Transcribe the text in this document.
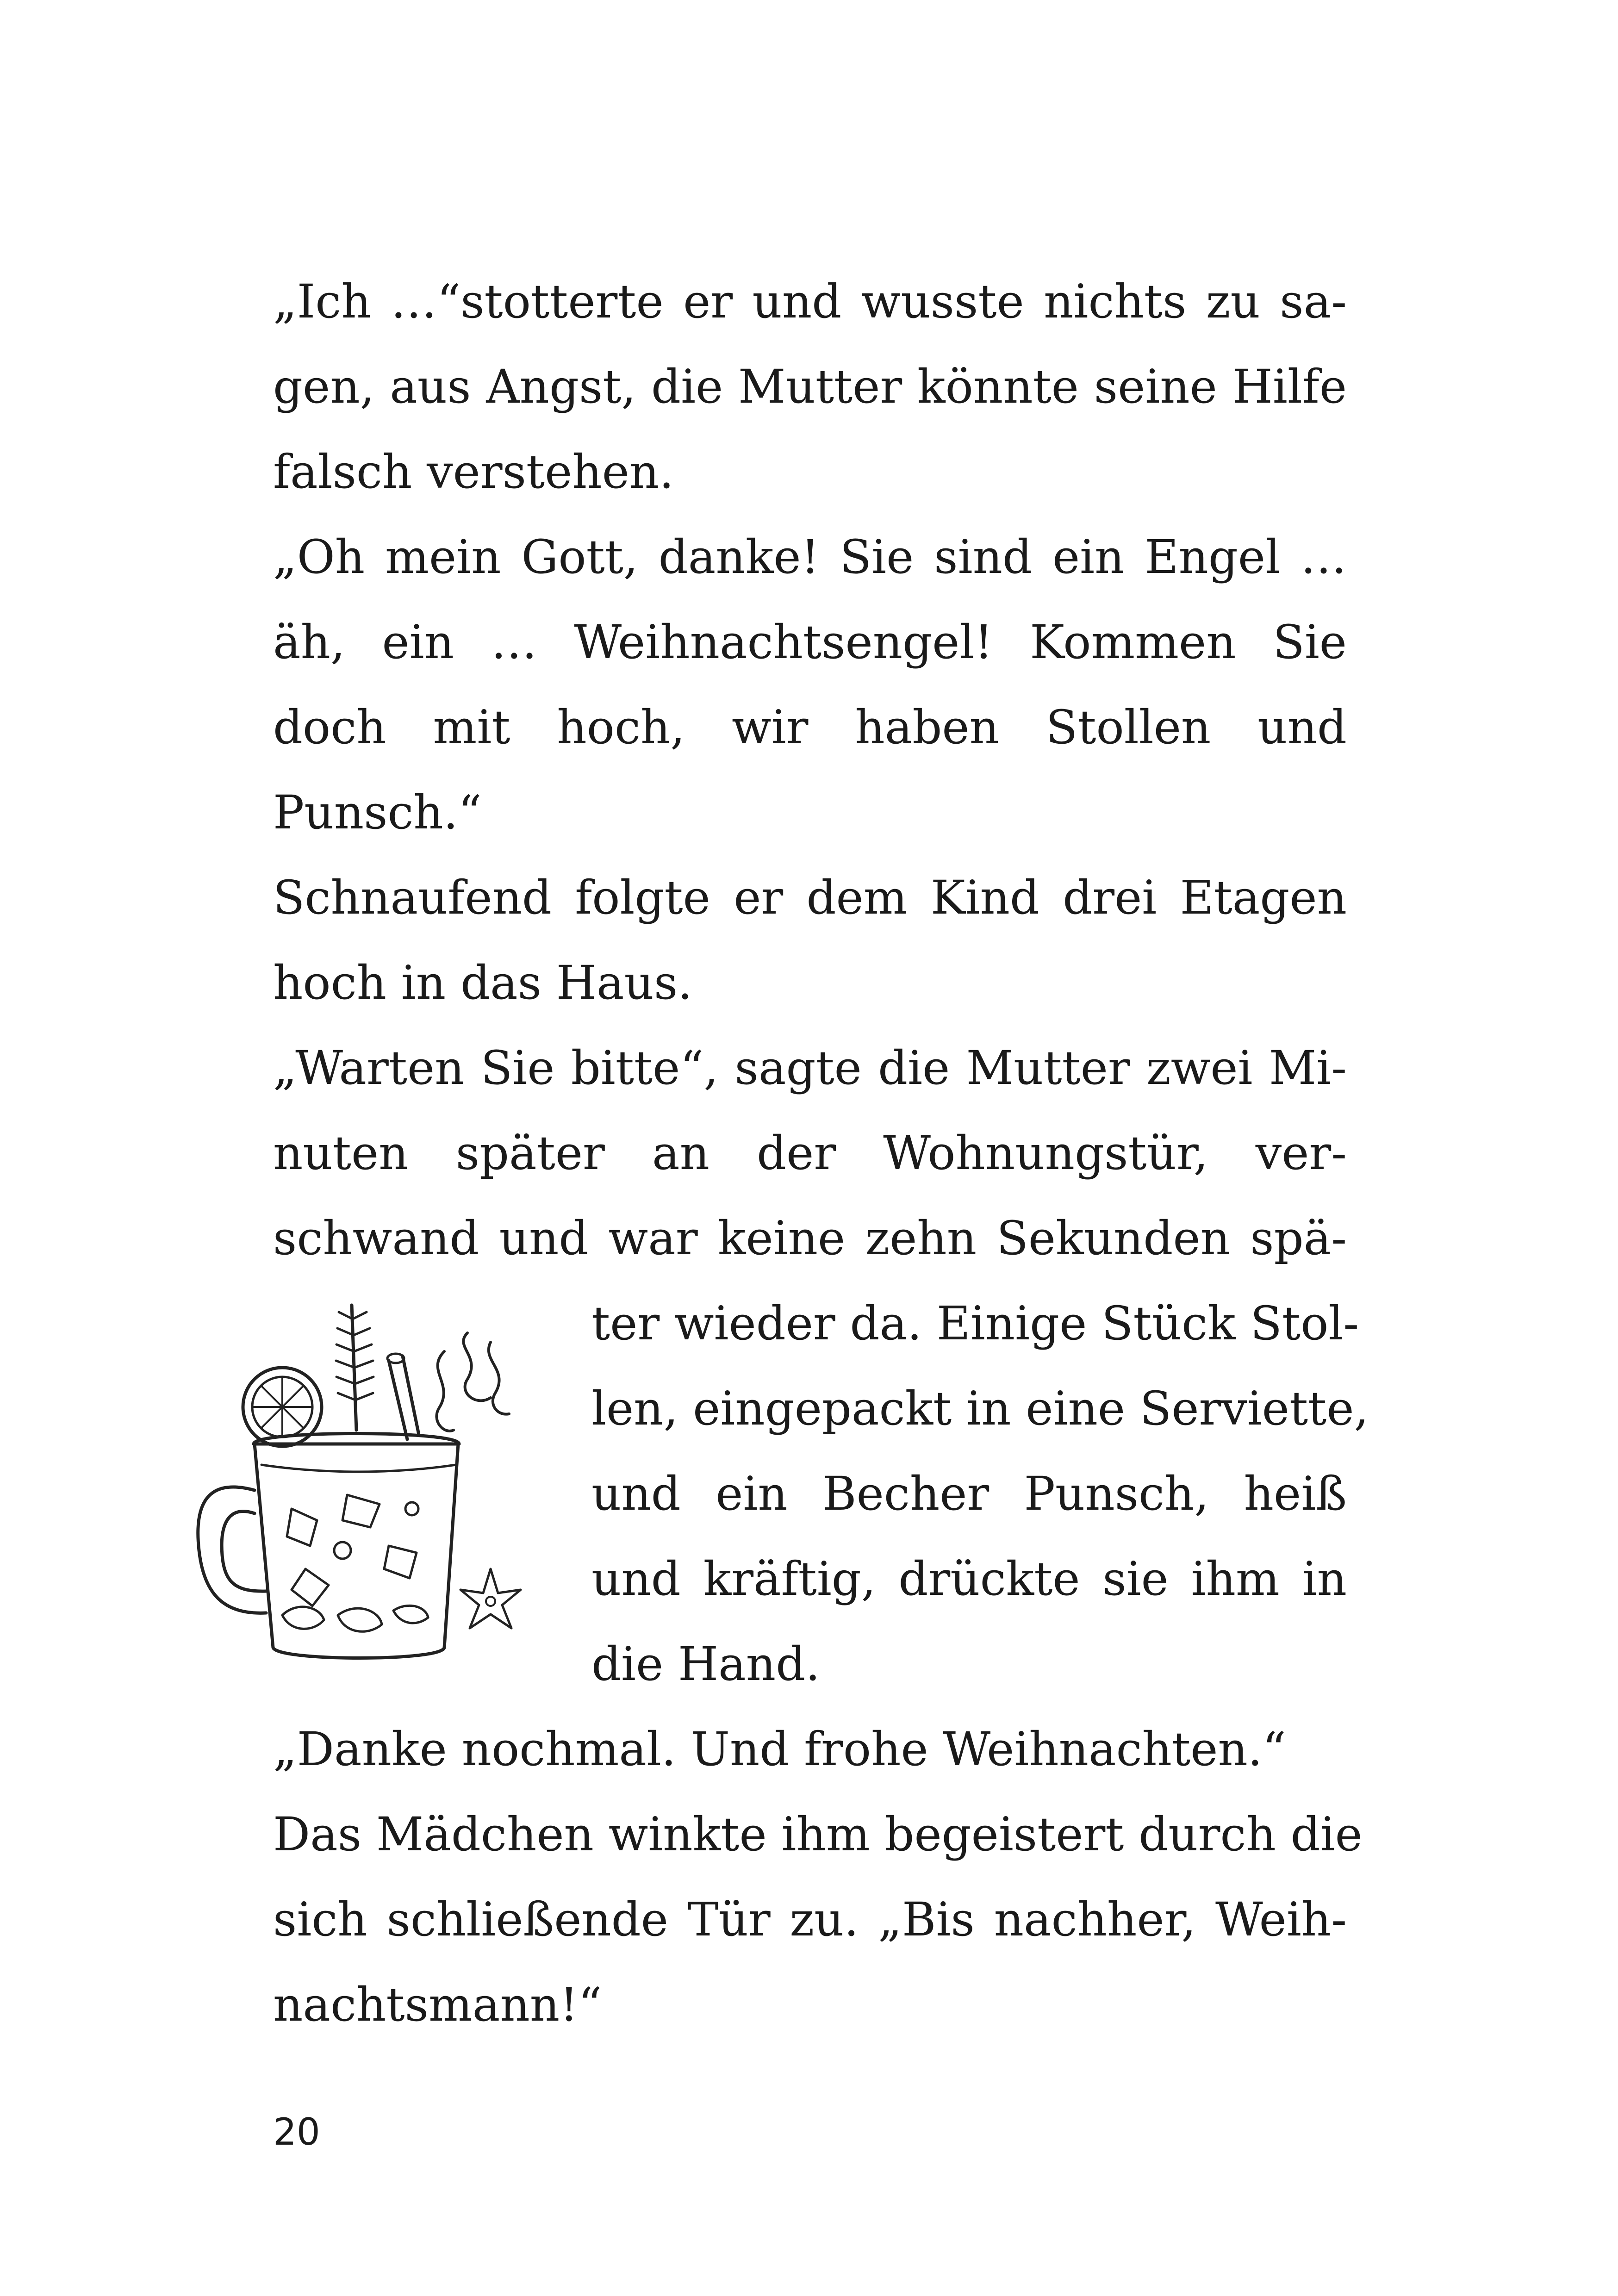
„Ich …“stotterte er und wusste nichts zu sa-

gen, aus Angst, die Mutter könnte seine Hilfe

falsch verstehen.

„Oh mein Gott, danke! Sie sind ein Engel …

äh, ein … Weihnachtsengel! Kommen Sie

doch mit hoch, wir haben Stollen und

Punsch.“

Schnaufend folgte er dem Kind drei Etagen

hoch in das Haus.

„Warten Sie bitte“, sagte die Mutter zwei Mi-

nuten später an der Wohnungstür, ver-

schwand und war keine zehn Sekunden spä-

ter wieder da. Einige Stück Stol-

len, eingepackt in eine Serviette,

und ein Becher Punsch, heiß

und kräftig, drückte sie ihm in

die Hand.

„Danke nochmal. Und frohe Weihnachten.“

Das Mädchen winkte ihm begeistert durch die

sich schließende Tür zu. „Bis nachher, Weih-

nachtsmann!“

20
